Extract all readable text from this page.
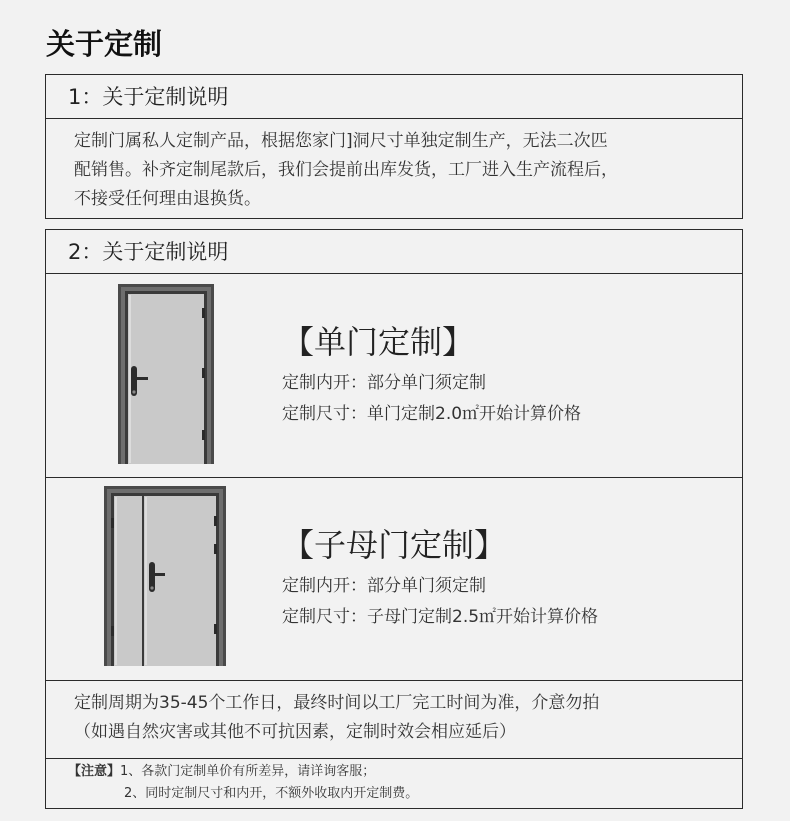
关于定制
1：关于定制说明
定制门属私人定制产品，根据您家门]洞尺寸单独定制生产，无法二次匹
配销售。补齐定制尾款后，我们会提前出库发货，工厂进入生产流程后，
不接受任何理由退换货。
2：关于定制说明
【单门定制】
定制内开：部分单门须定制
定制尺寸：单门定制2.0㎡开始计算价格
【子母门定制】
定制内开：部分单门须定制
定制尺寸：子母门定制2.5㎡开始计算价格
定制周期为35-45个工作日，最终时间以工厂完工时间为准，介意勿拍
（如遇自然灾害或其他不可抗因素，定制时效会相应延后）
【注意】1、各款门定制单价有所差异，请详询客服；
2、同时定制尺寸和内开，不额外收取内开定制费。
